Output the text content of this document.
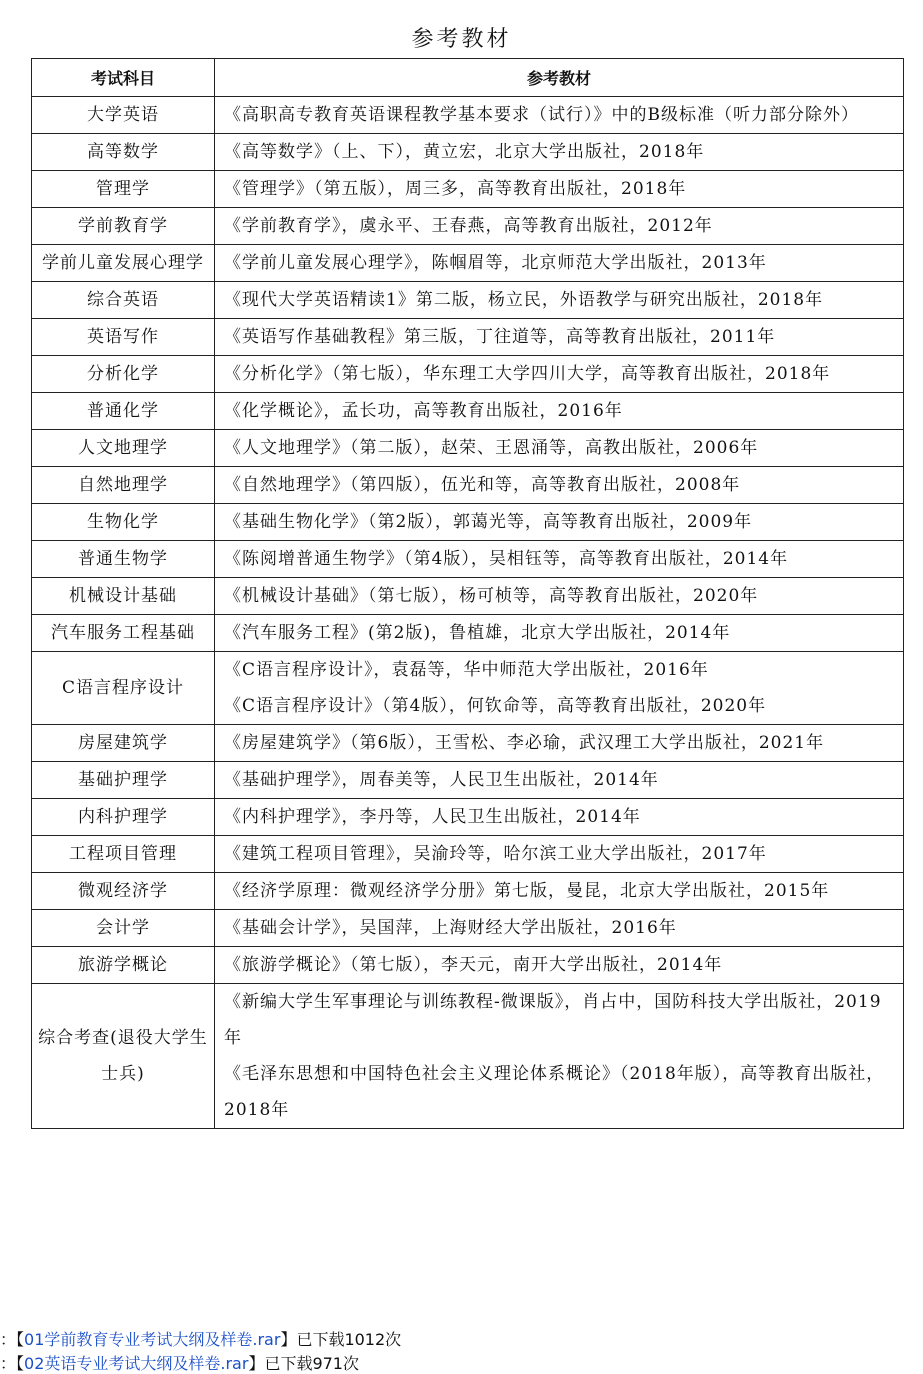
参考教材
考试科目	参考教材
大学英语	《高职高专教育英语课程教学基本要求（试行）》中的B级标准（听力部分除外）

高等数学	《高等数学》（上、下），黄立宏，北京大学出版社，2018年

管理学	《管理学》（第五版），周三多，高等教育出版社，2018年

学前教育学	《学前教育学》，虞永平、王春燕，高等教育出版社，2012年

学前儿童发展心理学	《学前儿童发展心理学》，陈帼眉等，北京师范大学出版社，2013年

综合英语	《现代大学英语精读1》第二版，杨立民，外语教学与研究出版社，2018年

英语写作	《英语写作基础教程》第三版，丁往道等，高等教育出版社，2011年

分析化学	《分析化学》（第七版），华东理工大学四川大学，高等教育出版社，2018年

普通化学	《化学概论》，孟长功，高等教育出版社，2016年

人文地理学	《人文地理学》（第二版），赵荣、王恩涌等，高教出版社，2006年

自然地理学	《自然地理学》（第四版），伍光和等，高等教育出版社，2008年

生物化学	《基础生物化学》（第2版），郭蔼光等，高等教育出版社，2009年

普通生物学	《陈阅增普通生物学》（第4版），吴相钰等，高等教育出版社，2014年

机械设计基础	《机械设计基础》（第七版），杨可桢等，高等教育出版社，2020年

汽车服务工程基础	《汽车服务工程》(第2版)，鲁植雄，北京大学出版社，2014年

C语言程序设计	《C语言程序设计》，袁磊等，华中师范大学出版社，2016年
《C语言程序设计》（第4版），何钦命等，高等教育出版社，2020年

房屋建筑学	《房屋建筑学》（第6版），王雪松、李必瑜，武汉理工大学出版社，2021年

基础护理学	《基础护理学》，周春美等，人民卫生出版社，2014年

内科护理学	《内科护理学》，李丹等，人民卫生出版社，2014年

工程项目管理	《建筑工程项目管理》，吴渝玲等，哈尔滨工业大学出版社，2017年

微观经济学	《经济学原理：微观经济学分册》第七版，曼昆，北京大学出版社，2015年

会计学	《基础会计学》，吴国萍，上海财经大学出版社，2016年

旅游学概论	《旅游学概论》（第七版），李天元，南开大学出版社，2014年

综合考查(退役大学生士兵)	《新编大学生军事理论与训练教程-微课版》，肖占中，国防科技大学出版社，2019年
《毛泽东思想和中国特色社会主义理论体系概论》（2018年版），高等教育出版社，2018年
：【01学前教育专业考试大纲及样卷.rar】已下载1012次
：【02英语专业考试大纲及样卷.rar】已下载971次
